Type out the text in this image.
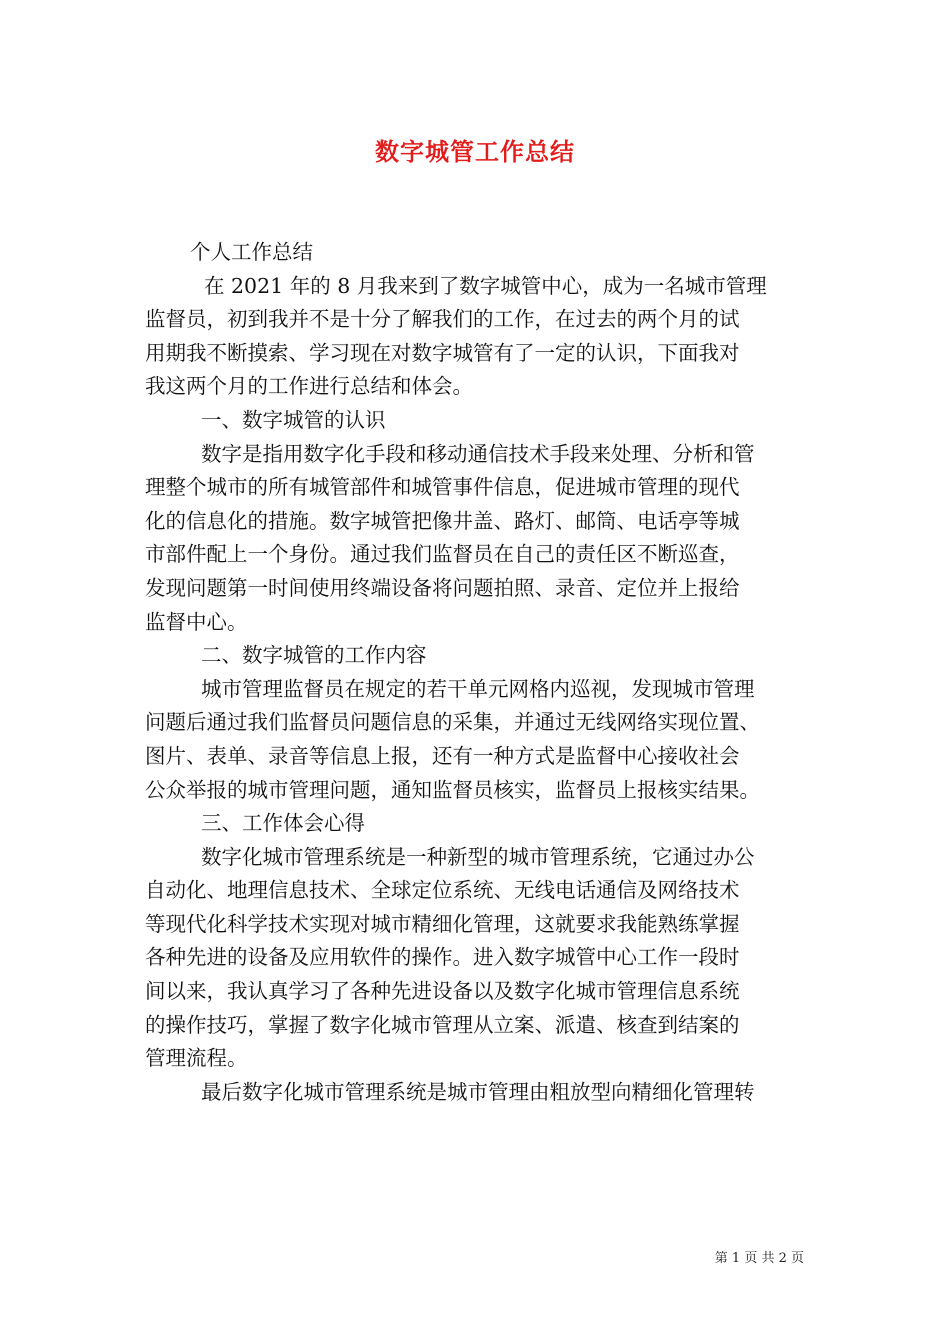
数字城管工作总结
个人工作总结
在 2021 年的 8 月我来到了数字城管中心，成为一名城市管理
监督员，初到我并不是十分了解我们的工作，在过去的两个月的试
用期我不断摸索、学习现在对数字城管有了一定的认识，下面我对
我这两个月的工作进行总结和体会。
一、数字城管的认识
数字是指用数字化手段和移动通信技术手段来处理、分析和管
理整个城市的所有城管部件和城管事件信息，促进城市管理的现代
化的信息化的措施。数字城管把像井盖、路灯、邮筒、电话亭等城
市部件配上一个身份。通过我们监督员在自己的责任区不断巡查，
发现问题第一时间使用终端设备将问题拍照、录音、定位并上报给
监督中心。
二、数字城管的工作内容
城市管理监督员在规定的若干单元网格内巡视，发现城市管理
问题后通过我们监督员问题信息的采集，并通过无线网络实现位置、
图片、表单、录音等信息上报，还有一种方式是监督中心接收社会
公众举报的城市管理问题，通知监督员核实，监督员上报核实结果。
三、工作体会心得
数字化城市管理系统是一种新型的城市管理系统，它通过办公
自动化、地理信息技术、全球定位系统、无线电话通信及网络技术
等现代化科学技术实现对城市精细化管理，这就要求我能熟练掌握
各种先进的设备及应用软件的操作。进入数字城管中心工作一段时
间以来，我认真学习了各种先进设备以及数字化城市管理信息系统
的操作技巧，掌握了数字化城市管理从立案、派遣、核查到结案的
管理流程。
最后数字化城市管理系统是城市管理由粗放型向精细化管理转
第 1 页 共 2 页
